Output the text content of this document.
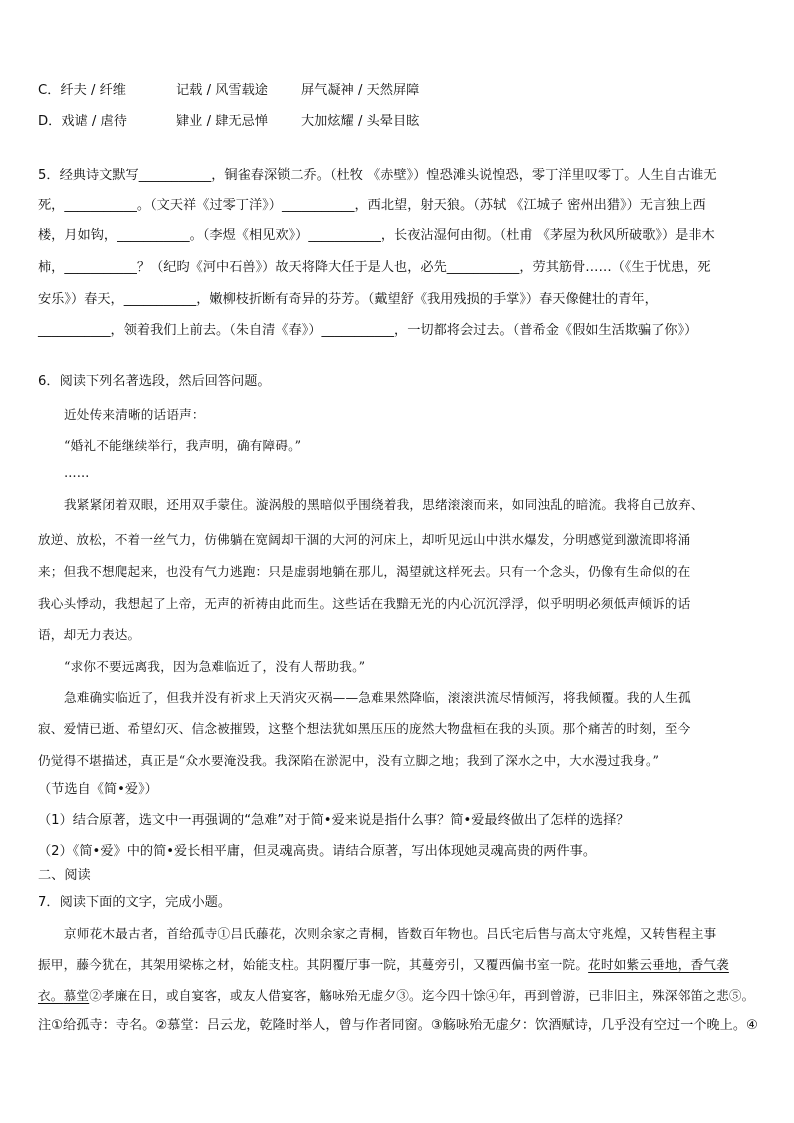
C．纤夫 / 纤维	记载 / 风雪载途	屏气凝神 / 天然屏障
D．戏谑 / 虐待	肄业 / 肆无忌惮	大加炫耀 / 头晕目眩
5．经典诗文默写___________，铜雀春深锁二乔。（杜牧 《赤壁》）惶恐滩头说惶恐，零丁洋里叹零丁。人生自古谁无
死，___________。（文天祥《过零丁洋》）___________，西北望，射天狼。（苏轼 《江城子 密州出猎》）无言独上西
楼，月如钩，___________。（李煜《相见欢》）___________，长夜沾湿何由彻。（杜甫 《茅屋为秋风所破歌》）是非木
柿，___________？（纪昀《河中石兽》）故天将降大任于是人也，必先___________，劳其筋骨……（《生于忧患，死
安乐》）春天，___________，嫩柳枝折断有奇异的芬芳。（戴望舒《我用残损的手掌》）春天像健壮的青年，
___________，领着我们上前去。（朱自清《春》）___________，一切都将会过去。（普希金《假如生活欺骗了你》）
6．阅读下列名著选段，然后回答问题。
近处传来清晰的话语声：
“婚礼不能继续举行，我声明，确有障碍。”
……
我紧紧闭着双眼，还用双手蒙住。漩涡般的黑暗似乎围绕着我，思绪滚滚而来，如同浊乱的暗流。我将自己放弃、
放逆、放松，不着一丝气力，仿佛躺在宽阔却干涸的大河的河床上，却听见远山中洪水爆发，分明感觉到激流即将涌
来；但我不想爬起来，也没有气力逃跑：只是虚弱地躺在那儿，渴望就这样死去。只有一个念头，仍像有生命似的在
我心头悸动，我想起了上帝，无声的祈祷由此而生。这些话在我黯无光的内心沉沉浮浮，似乎明明必须低声倾诉的话
语，却无力表达。
“求你不要远离我，因为急难临近了，没有人帮助我。”
急难确实临近了，但我并没有祈求上天消灾灭祸——急难果然降临，滚滚洪流尽情倾泻，将我倾覆。我的人生孤
寂、爱情已逝、希望幻灭、信念被摧毁，这整个想法犹如黑压压的庞然大物盘桓在我的头顶。那个痛苦的时刻，至今
仍觉得不堪描述，真正是“众水要淹没我。我深陷在淤泥中，没有立脚之地；我到了深水之中，大水漫过我身。”
（节选自《简•爱》）
（1）结合原著，选文中一再强调的“急难”对于简•爱来说是指什么事？简•爱最终做出了怎样的选择？
（2）《简•爱》中的简•爱长相平庸，但灵魂高贵。请结合原著，写出体现她灵魂高贵的两件事。
二、阅读
7．阅读下面的文字，完成小题。
京师花木最古者，首给孤寺①吕氏藤花，次则余家之青桐，皆数百年物也。吕氏宅后售与高太守兆煌，又转售程主事
振甲，藤今犹在，其架用梁栋之材，始能支柱。其阴覆厅事一院，其蔓旁引，又覆西偏书室一院。花时如紫云垂地，香气袭
衣。慕堂②孝廉在日，或自宴客，或友人借宴客，觞咏殆无虚夕③。迄今四十馀④年，再到曾游，已非旧主，殊深邻笛之悲⑤。
注①给孤寺：寺名。②慕堂：吕云龙，乾隆时举人，曾与作者同窗。③觞咏殆无虚夕：饮酒赋诗，几乎没有空过一个晚上。④
